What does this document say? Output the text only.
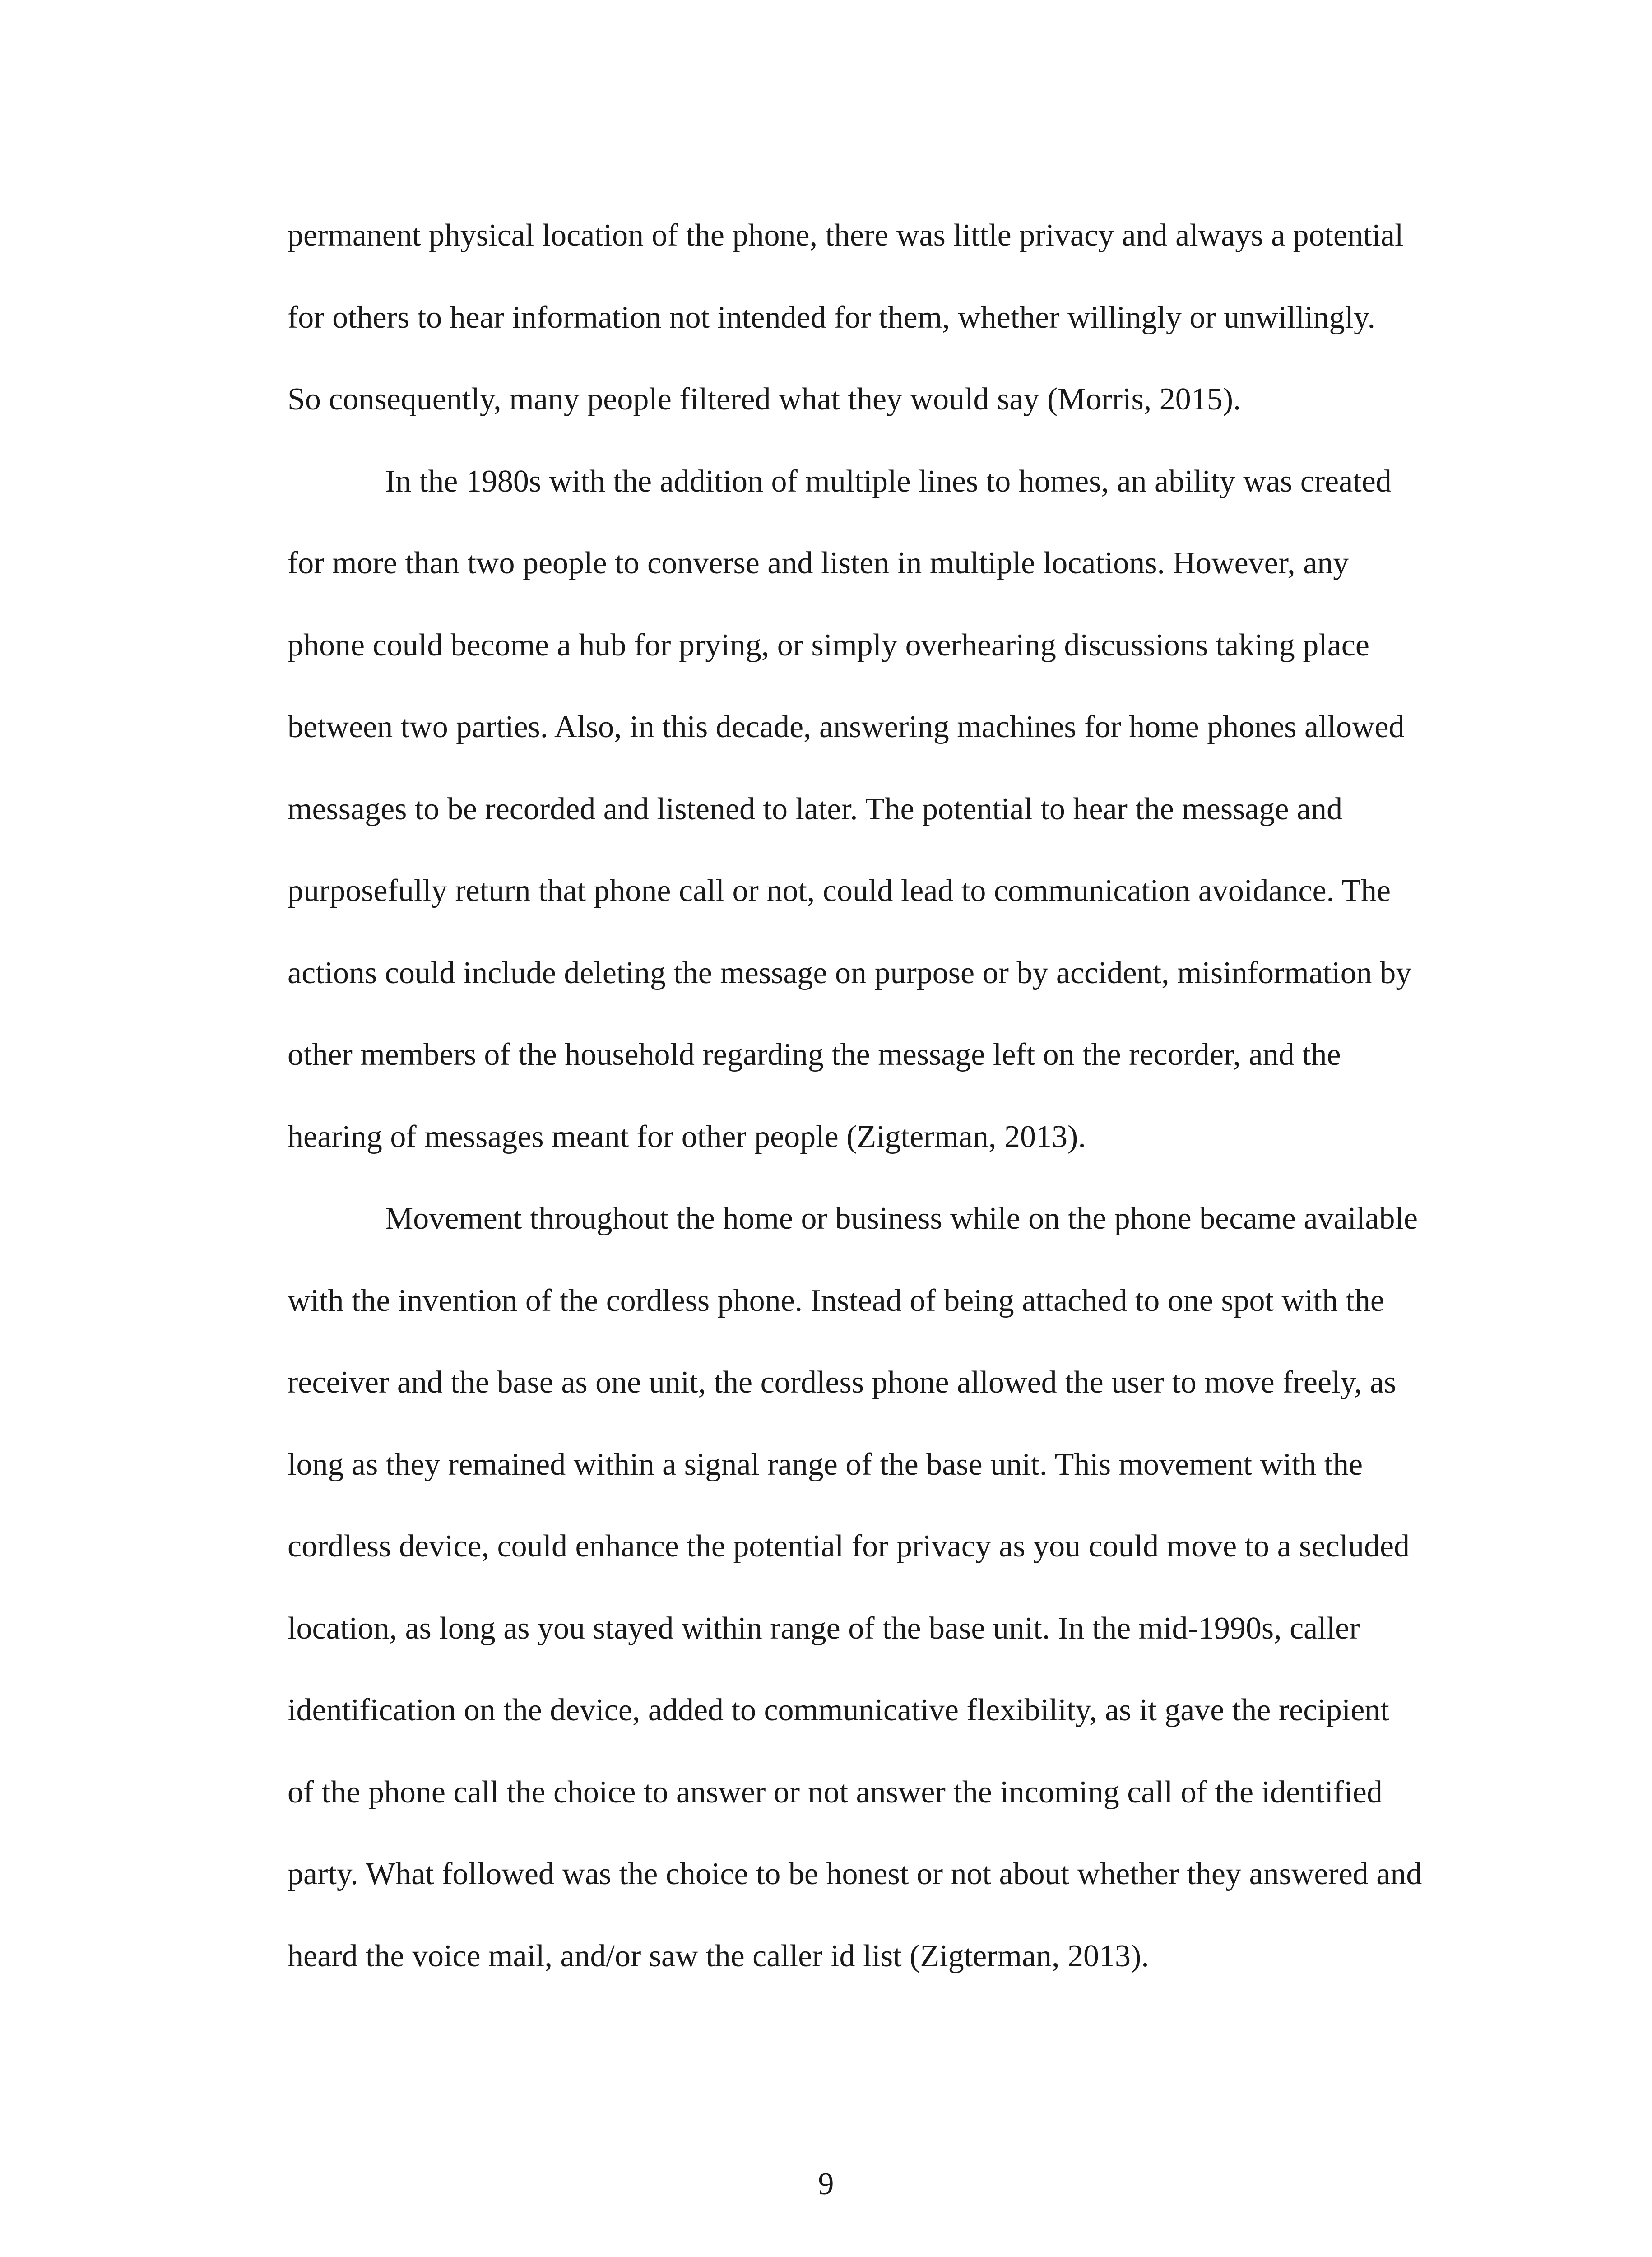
permanent physical location of the phone, there was little privacy and always a potential
for others to hear information not intended for them, whether willingly or unwillingly.
So consequently, many people filtered what they would say (Morris, 2015).
In the 1980s with the addition of multiple lines to homes, an ability was created
for more than two people to converse and listen in multiple locations. However, any
phone could become a hub for prying, or simply overhearing discussions taking place
between two parties. Also, in this decade, answering machines for home phones allowed
messages to be recorded and listened to later. The potential to hear the message and
purposefully return that phone call or not, could lead to communication avoidance. The
actions could include deleting the message on purpose or by accident, misinformation by
other members of the household regarding the message left on the recorder, and the
hearing of messages meant for other people (Zigterman, 2013).
Movement throughout the home or business while on the phone became available
with the invention of the cordless phone. Instead of being attached to one spot with the
receiver and the base as one unit, the cordless phone allowed the user to move freely, as
long as they remained within a signal range of the base unit. This movement with the
cordless device, could enhance the potential for privacy as you could move to a secluded
location, as long as you stayed within range of the base unit. In the mid-1990s, caller
identification on the device, added to communicative flexibility, as it gave the recipient
of the phone call the choice to answer or not answer the incoming call of the identified
party. What followed was the choice to be honest or not about whether they answered and
heard the voice mail, and/or saw the caller id list (Zigterman, 2013).
9
